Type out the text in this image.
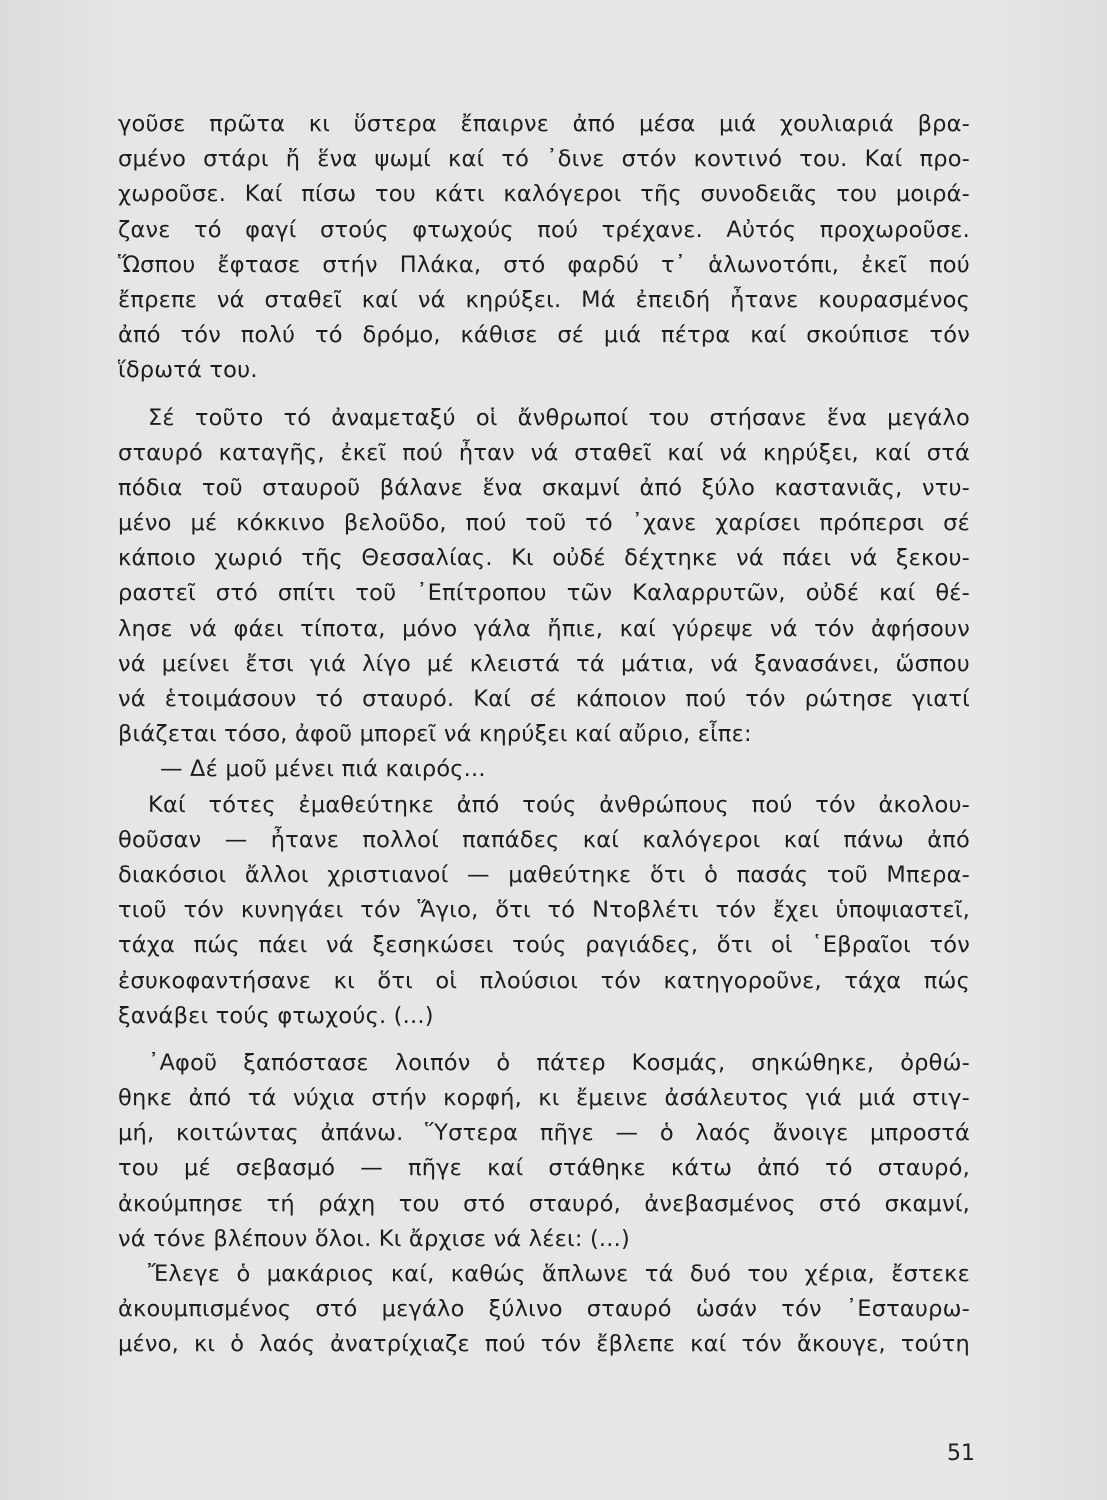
γοῦσε πρῶτα κι ὕστερα ἔπαιρνε ἀπό μέσα μιά χουλιαριά βρα-
σμένο στάρι ἤ ἕνα ψωμί καί τό ᾽δινε στόν κοντινό του. Καί προ-
χωροῦσε. Καί πίσω του κάτι καλόγεροι τῆς συνοδειᾶς του μοιρά-
ζανε τό φαγί στούς φτωχούς πού τρέχανε. Αὐτός προχωροῦσε.
Ὥσπου ἔφτασε στήν Πλάκα, στό φαρδύ τ᾽ ἁλωνοτόπι, ἐκεῖ πού
ἔπρεπε νά σταθεῖ καί νά κηρύξει. Μά ἐπειδή ἦτανε κουρασμένος
ἀπό τόν πολύ τό δρόμο, κάθισε σέ μιά πέτρα καί σκούπισε τόν
ἵδρωτά του.
Σέ τοῦτο τό ἀναμεταξύ οἱ ἄνθρωποί του στήσανε ἕνα μεγάλο
σταυρό καταγῆς, ἐκεῖ πού ἦταν νά σταθεῖ καί νά κηρύξει, καί στά
πόδια τοῦ σταυροῦ βάλανε ἕνα σκαμνί ἀπό ξύλο καστανιᾶς, ντυ-
μένο μέ κόκκινο βελοῦδο, πού τοῦ τό ᾽χανε χαρίσει πρόπερσι σέ
κάποιο χωριό τῆς Θεσσαλίας. Κι οὐδέ δέχτηκε νά πάει νά ξεκου-
ραστεῖ στό σπίτι τοῦ ᾽Επίτροπου τῶν Καλαρρυτῶν, οὐδέ καί θέ-
λησε νά φάει τίποτα, μόνο γάλα ἤπιε, καί γύρεψε νά τόν ἀφήσουν
νά μείνει ἔτσι γιά λίγο μέ κλειστά τά μάτια, νά ξανασάνει, ὥσπου
νά ἑτοιμάσουν τό σταυρό. Καί σέ κάποιον πού τόν ρώτησε γιατί
βιάζεται τόσο, ἀφοῦ μπορεῖ νά κηρύξει καί αὔριο, εἶπε:
— Δέ μοῦ μένει πιά καιρός...
Καί τότες ἐμαθεύτηκε ἀπό τούς ἀνθρώπους πού τόν ἀκολου-
θοῦσαν — ἦτανε πολλοί παπάδες καί καλόγεροι καί πάνω ἀπό
διακόσιοι ἄλλοι χριστιανοί — μαθεύτηκε ὅτι ὁ πασάς τοῦ Μπερα-
τιοῦ τόν κυνηγάει τόν Ἅγιο, ὅτι τό Ντοβλέτι τόν ἔχει ὑποψιαστεῖ,
τάχα πώς πάει νά ξεσηκώσει τούς ραγιάδες, ὅτι οἱ ῾Εβραῖοι τόν
ἐσυκοφαντήσανε κι ὅτι οἱ πλούσιοι τόν κατηγοροῦνε, τάχα πώς
ξανάβει τούς φτωχούς. (...)
᾽Αφοῦ ξαπόστασε λοιπόν ὁ πάτερ Κοσμάς, σηκώθηκε, ὀρθώ-
θηκε ἀπό τά νύχια στήν κορφή, κι ἔμεινε ἀσάλευτος γιά μιά στιγ-
μή, κοιτώντας ἀπάνω. Ὕστερα πῆγε — ὁ λαός ἄνοιγε μπροστά
του μέ σεβασμό — πῆγε καί στάθηκε κάτω ἀπό τό σταυρό,
ἀκούμπησε τή ράχη του στό σταυρό, ἀνεβασμένος στό σκαμνί,
νά τόνε βλέπουν ὅλοι. Κι ἄρχισε νά λέει: (...)
Ἔλεγε ὁ μακάριος καί, καθώς ἅπλωνε τά δυό του χέρια, ἔστεκε
ἀκουμπισμένος στό μεγάλο ξύλινο σταυρό ὡσάν τόν ᾽Εσταυρω-
μένο, κι ὁ λαός ἀνατρίχιαζε πού τόν ἔβλεπε καί τόν ἄκουγε, τούτη
51
